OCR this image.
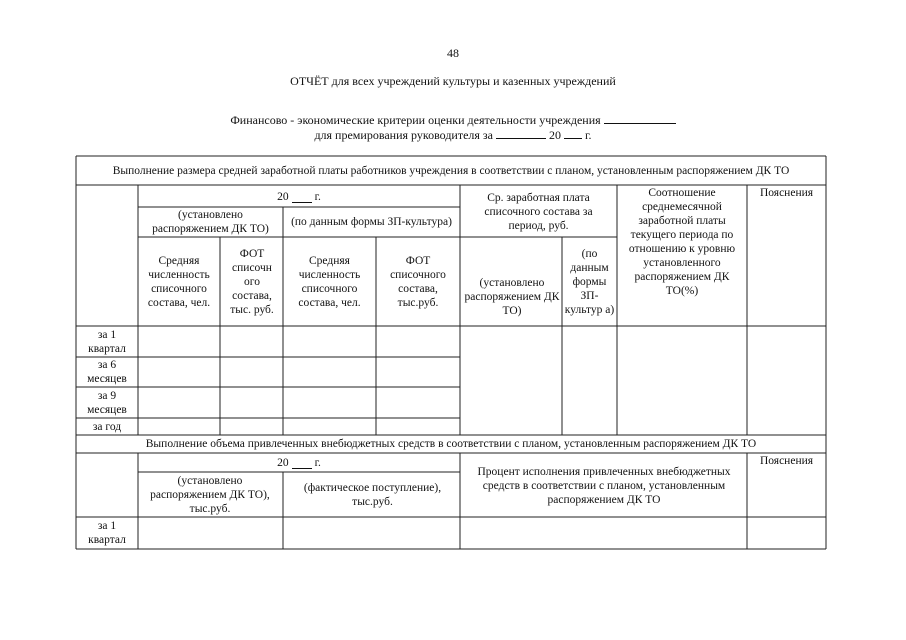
48
ОТЧЁТ для всех учреждений культуры и казенных учреждений
Финансово - экономические критерии оценки деятельности учреждения
для премирования руководителя за	20 г.
Выполнение размера средней заработной платы работников учреждения в соответствии с планом, установленным распоряжением ДК ТО
20 г.
(установлено распоряжением ДК ТО)
(по данным формы ЗП-культура)
Ср. заработная плата списочного состава за период, руб.
Соотношение среднемесячной заработной платы текущего периода по отношению к уровню установленного распоряжением ДК ТО(%)
Пояснения
Средняя численность списочного состава, чел.
ФОТ списочн ого состава, тыс. руб.
Средняя численность списочного состава, чел.
ФОТ списочного состава, тыс.руб.
(установлено распоряжением ДК ТО)
(по данным формы ЗП-культур а)
за 1 квартал
за 6 месяцев
за 9 месяцев
за год
Выполнение объема привлеченных внебюджетных средств в соответствии с планом, установленным распоряжением ДК ТО
20 г.
Процент исполнения привлеченных внебюджетных средств в соответствии с планом, установленным распоряжением ДК ТО
Пояснения
(установлено распоряжением ДК ТО), тыс.руб.
(фактическое поступление), тыс.руб.
за 1 квартал
